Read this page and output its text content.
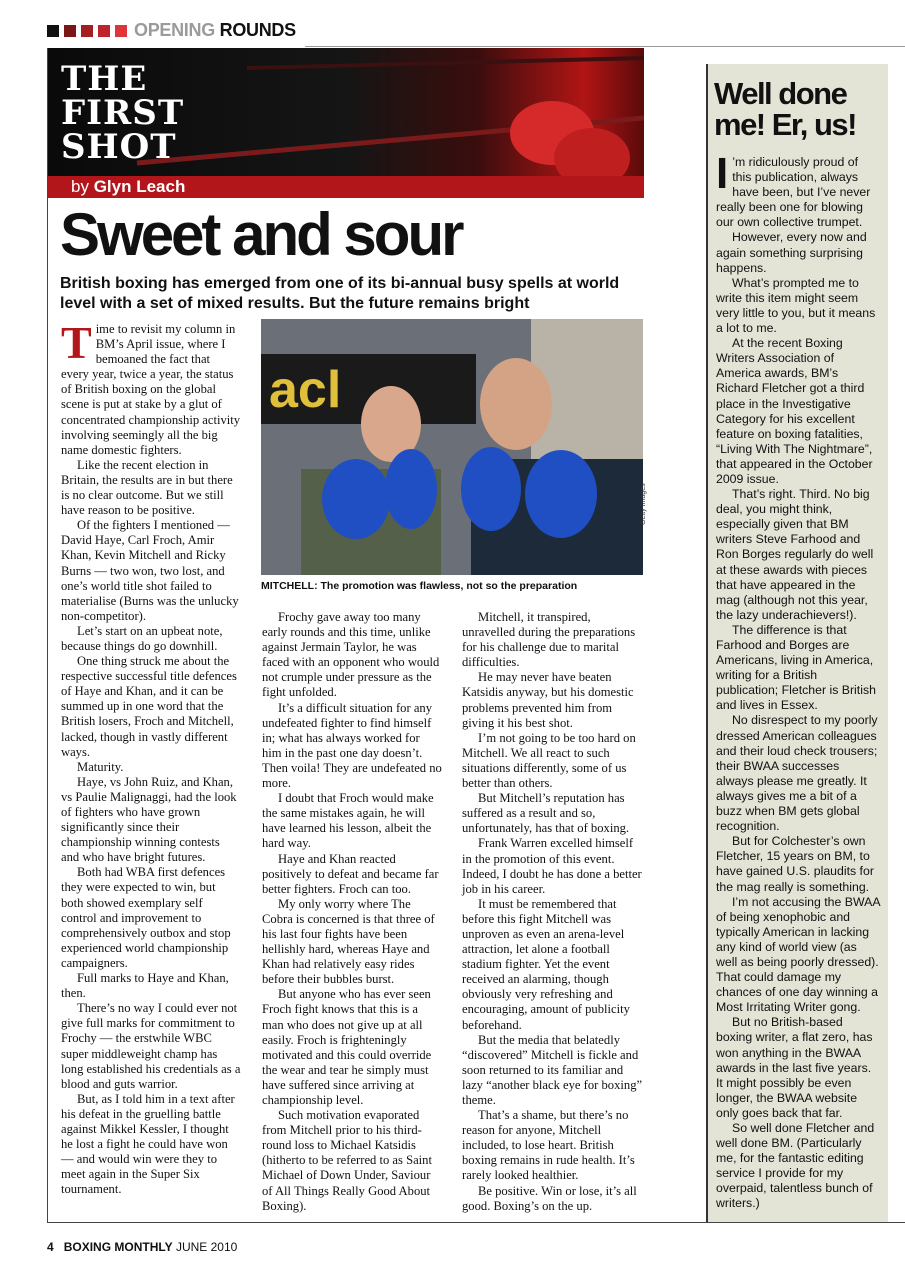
OPENING ROUNDS
THE
FIRST
SHOT
by Glyn Leach
Sweet and sour
British boxing has emerged from one of its bi-annual busy spells at world level with a set of mixed results. But the future remains bright

Time to revisit my column in BM’s April issue, where I bemoaned the fact that every year, twice a year, the status of British boxing on the global scene is put at stake by a glut of concentrated championship activity involving seemingly all the big name domestic fighters.

Like the recent election in Britain, the results are in but there is no clear outcome. But we still have reason to be positive.

Of the fighters I mentioned — David Haye, Carl Froch, Amir Khan, Kevin Mitchell and Ricky Burns — two won, two lost, and one’s world title shot failed to materialise (Burns was the unlucky non-competitor).

Let’s start on an upbeat note, because things do go downhill.

One thing struck me about the respective successful title defences of Haye and Khan, and it can be summed up in one word that the British losers, Froch and Mitchell, lacked, though in vastly different ways.

Maturity.

Haye, vs John Ruiz, and Khan, vs Paulie Malignaggi, had the look of fighters who have grown significantly since their championship winning contests and who have bright futures.

Both had WBA first defences they were expected to win, but both showed exemplary self control and improvement to comprehensively outbox and stop experienced world championship campaigners.

Full marks to Haye and Khan, then.

There’s no way I could ever not give full marks for commitment to Frochy — the erstwhile WBC super middleweight champ has long established his credentials as a blood and guts warrior.

But, as I told him in a text after his defeat in the gruelling battle against Mikkel Kessler, I thought he lost a fight he could have won — and would win were they to meet again in the Super Six tournament.

acl
Getty Images
MITCHELL: The promotion was flawless, not so the preparation

Frochy gave away too many early rounds and this time, unlike against Jermain Taylor, he was faced with an opponent who would not crumple under pressure as the fight unfolded.

It’s a difficult situation for any undefeated fighter to find himself in; what has always worked for him in the past one day doesn’t. Then voila! They are undefeated no more.

I doubt that Froch would make the same mistakes again, he will have learned his lesson, albeit the hard way.

Haye and Khan reacted positively to defeat and became far better fighters. Froch can too.

My only worry where The Cobra is concerned is that three of his last four fights have been hellishly hard, whereas Haye and Khan had relatively easy rides before their bubbles burst.

But anyone who has ever seen Froch fight knows that this is a man who does not give up at all easily. Froch is frighteningly motivated and this could override the wear and tear he simply must have suffered since arriving at championship level.

Such motivation evaporated from Mitchell prior to his third-round loss to Michael Katsidis (hitherto to be referred to as Saint Michael of Down Under, Saviour of All Things Really Good About Boxing).

Mitchell, it transpired, unravelled during the preparations for his challenge due to marital difficulties.

He may never have beaten Katsidis anyway, but his domestic problems prevented him from giving it his best shot.

I’m not going to be too hard on Mitchell. We all react to such situations differently, some of us better than others.

But Mitchell’s reputation has suffered as a result and so, unfortunately, has that of boxing.

Frank Warren excelled himself in the promotion of this event. Indeed, I doubt he has done a better job in his career.

It must be remembered that before this fight Mitchell was unproven as even an arena-level attraction, let alone a football stadium fighter. Yet the event received an alarming, though obviously very refreshing and encouraging, amount of publicity beforehand.

But the media that belatedly “discovered” Mitchell is fickle and soon returned to its familiar and lazy “another black eye for boxing” theme.

That’s a shame, but there’s no reason for anyone, Mitchell included, to lose heart. British boxing remains in rude health. It’s rarely looked healthier.

Be positive. Win or lose, it’s all good. Boxing’s on the up.

Well done me! Er, us!

I ’m ridiculously proud of this publication, always have been, but I’ve never really been one for blowing our own collective trumpet.

However, every now and again something surprising happens.

What’s prompted me to write this item might seem very little to you, but it means a lot to me.

At the recent Boxing Writers Association of America awards, BM’s Richard Fletcher got a third place in the Investigative Category for his excellent feature on boxing fatalities, “Living With The Nightmare”, that appeared in the October 2009 issue.

That’s right. Third. No big deal, you might think, especially given that BM writers Steve Farhood and Ron Borges regularly do well at these awards with pieces that have appeared in the mag (although not this year, the lazy underachievers!).

The difference is that Farhood and Borges are Americans, living in America, writing for a British publication; Fletcher is British and lives in Essex.

No disrespect to my poorly dressed American colleagues and their loud check trousers; their BWAA successes always please me greatly. It always gives me a bit of a buzz when BM gets global recognition.

But for Colchester’s own Fletcher, 15 years on BM, to have gained U.S. plaudits for the mag really is something.

I’m not accusing the BWAA of being xenophobic and typically American in lacking any kind of world view (as well as being poorly dressed). That could damage my chances of one day winning a Most Irritating Writer gong.

But no British-based boxing writer, a flat zero, has won anything in the BWAA awards in the last five years. It might possibly be even longer, the BWAA website only goes back that far.

So well done Fletcher and well done BM. (Particularly me, for the fantastic editing service I provide for my overpaid, talentless bunch of writers.)

4 BOXING MONTHLY JUNE 2010
